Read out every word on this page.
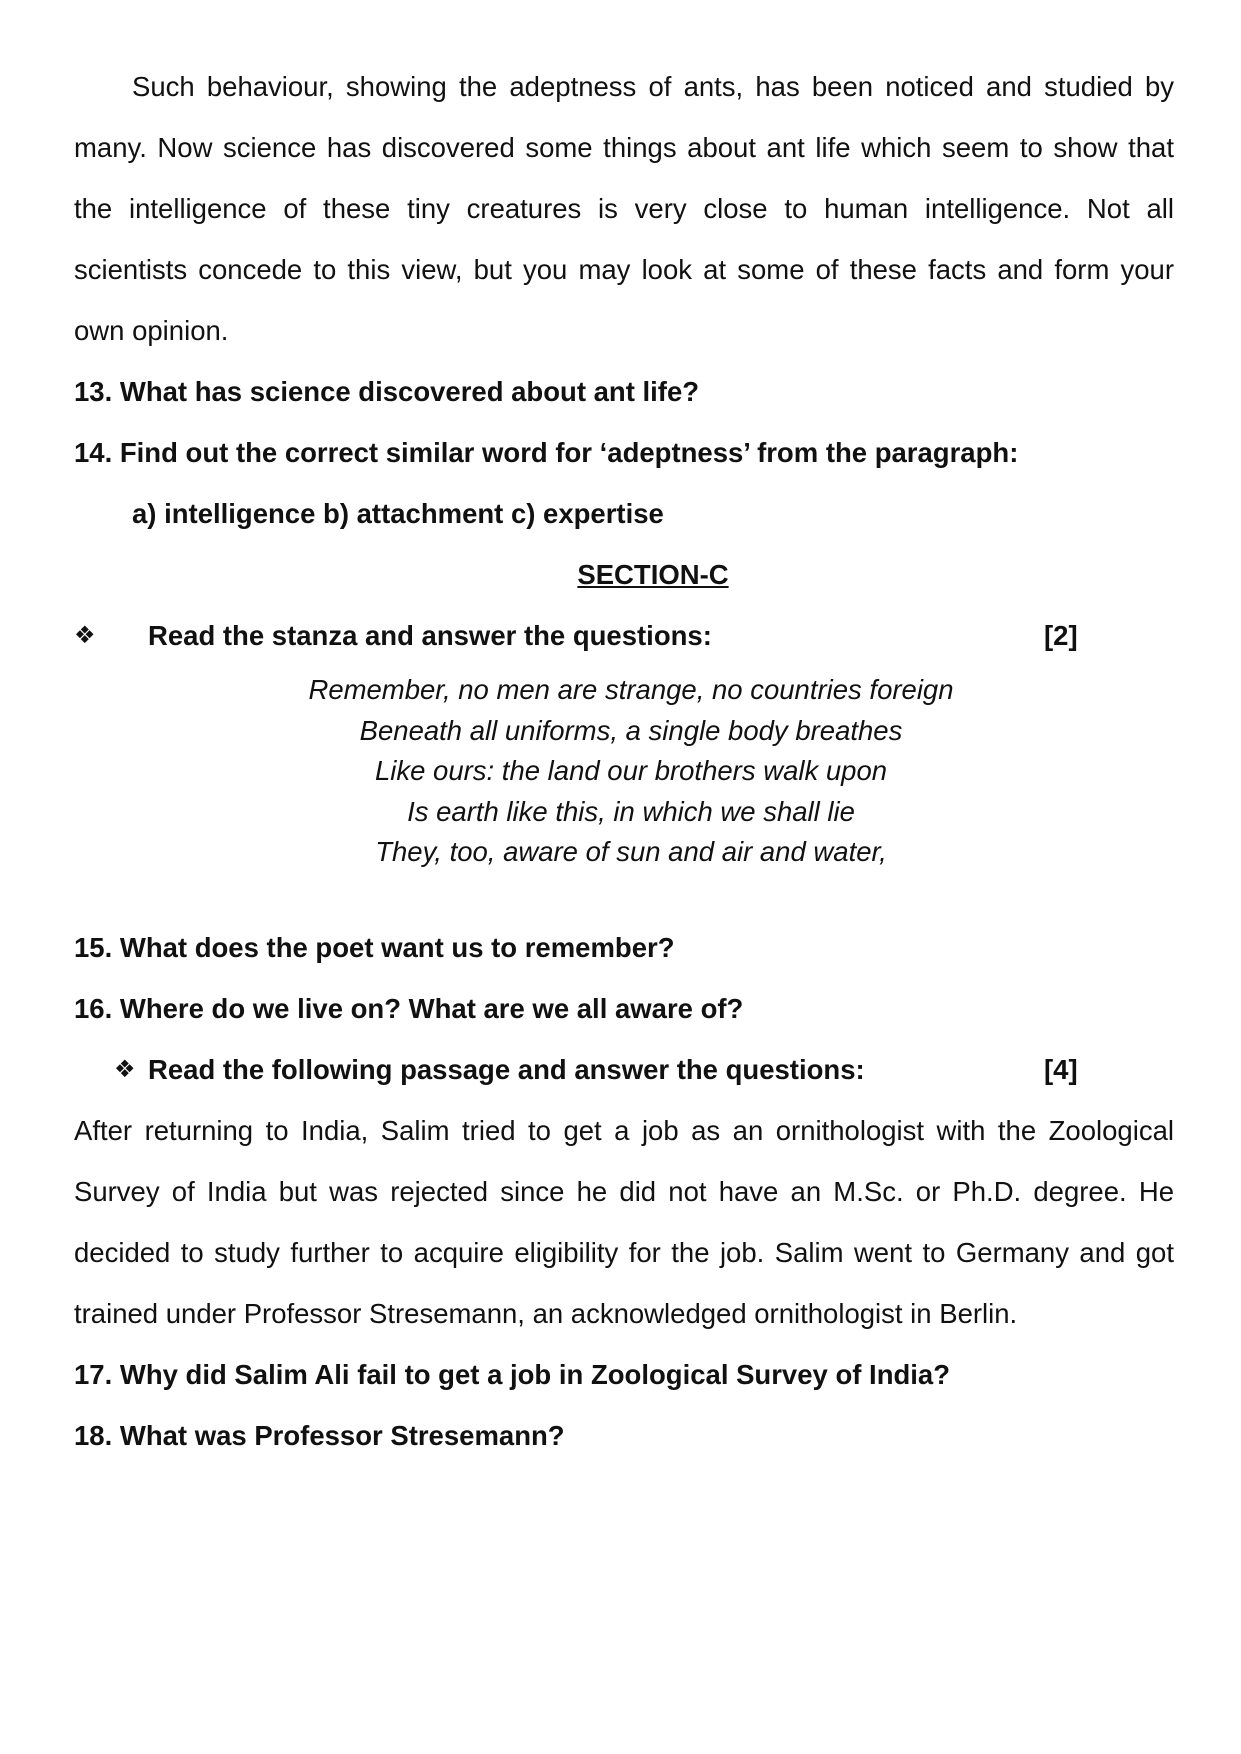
Such behaviour, showing the adeptness of ants, has been noticed and studied by many. Now science has discovered some things about ant life which seem to show that the intelligence of these tiny creatures is very close to human intelligence. Not all scientists concede to this view, but you may look at some of these facts and form your own opinion.

13. What has science discovered about ant life?

14. Find out the correct similar word for ‘adeptness’ from the paragraph:

a) intelligence b) attachment c) expertise

SECTION-C

❖ Read the stanza and answer the questions:	[2]
Remember, no men are strange, no countries foreign
Beneath all uniforms, a single body breathes
Like ours: the land our brothers walk upon
Is earth like this, in which we shall lie
They, too, aware of sun and air and water,

15. What does the poet want us to remember?

16. Where do we live on? What are we all aware of?

❖ Read the following passage and answer the questions:	[4]

After returning to India, Salim tried to get a job as an ornithologist with the Zoological Survey of India but was rejected since he did not have an M.Sc. or Ph.D. degree. He decided to study further to acquire eligibility for the job. Salim went to Germany and got trained under Professor Stresemann, an acknowledged ornithologist in Berlin.

17. Why did Salim Ali fail to get a job in Zoological Survey of India?

18. What was Professor Stresemann?
